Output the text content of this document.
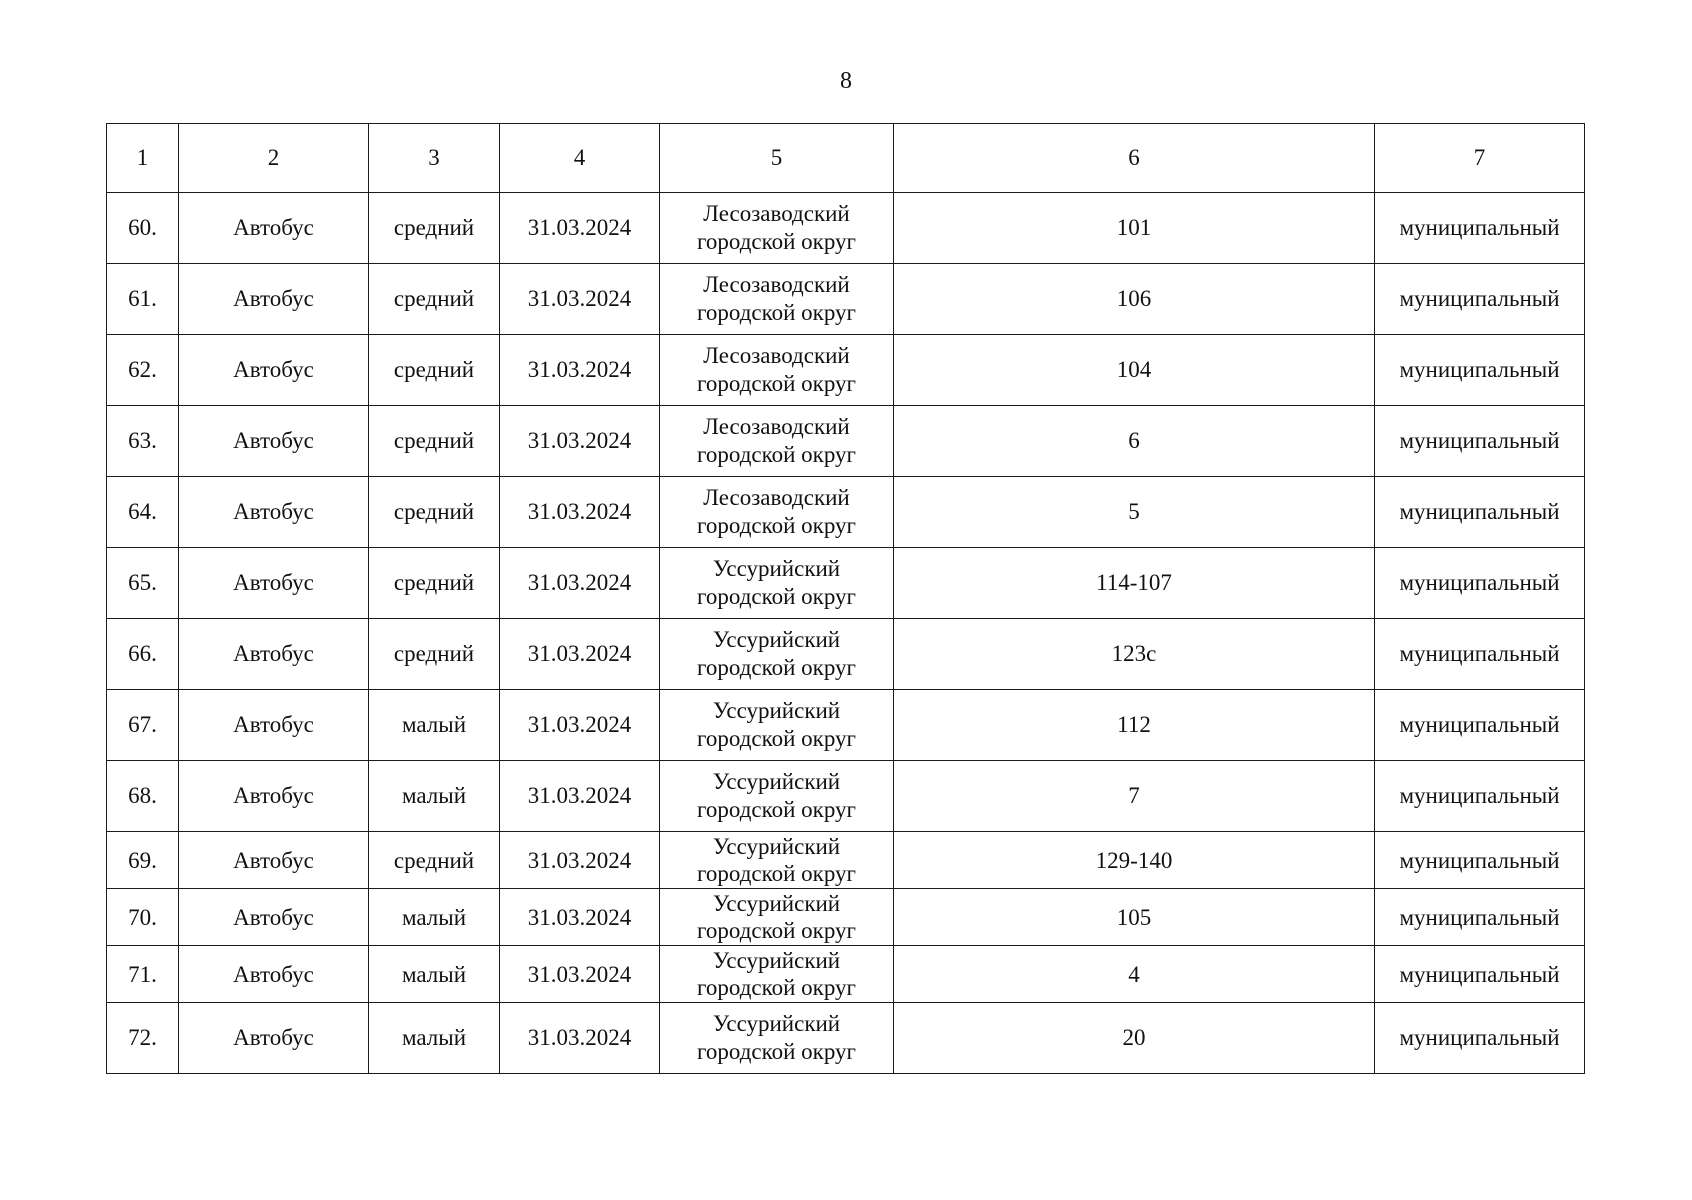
8
1	2	3	4	5	6	7
60.	Автобус	средний	31.03.2024	Лесозаводский
городской округ	101	муниципальный
61.	Автобус	средний	31.03.2024	Лесозаводский
городской округ	106	муниципальный
62.	Автобус	средний	31.03.2024	Лесозаводский
городской округ	104	муниципальный
63.	Автобус	средний	31.03.2024	Лесозаводский
городской округ	6	муниципальный
64.	Автобус	средний	31.03.2024	Лесозаводский
городской округ	5	муниципальный
65.	Автобус	средний	31.03.2024	Уссурийский
городской округ	114-107	муниципальный
66.	Автобус	средний	31.03.2024	Уссурийский
городской округ	123с	муниципальный
67.	Автобус	малый	31.03.2024	Уссурийский
городской округ	112	муниципальный
68.	Автобус	малый	31.03.2024	Уссурийский
городской округ	7	муниципальный
69.	Автобус	средний	31.03.2024	Уссурийский
городской округ	129-140	муниципальный
70.	Автобус	малый	31.03.2024	Уссурийский
городской округ	105	муниципальный
71.	Автобус	малый	31.03.2024	Уссурийский
городской округ	4	муниципальный
72.	Автобус	малый	31.03.2024	Уссурийский
городской округ	20	муниципальный
